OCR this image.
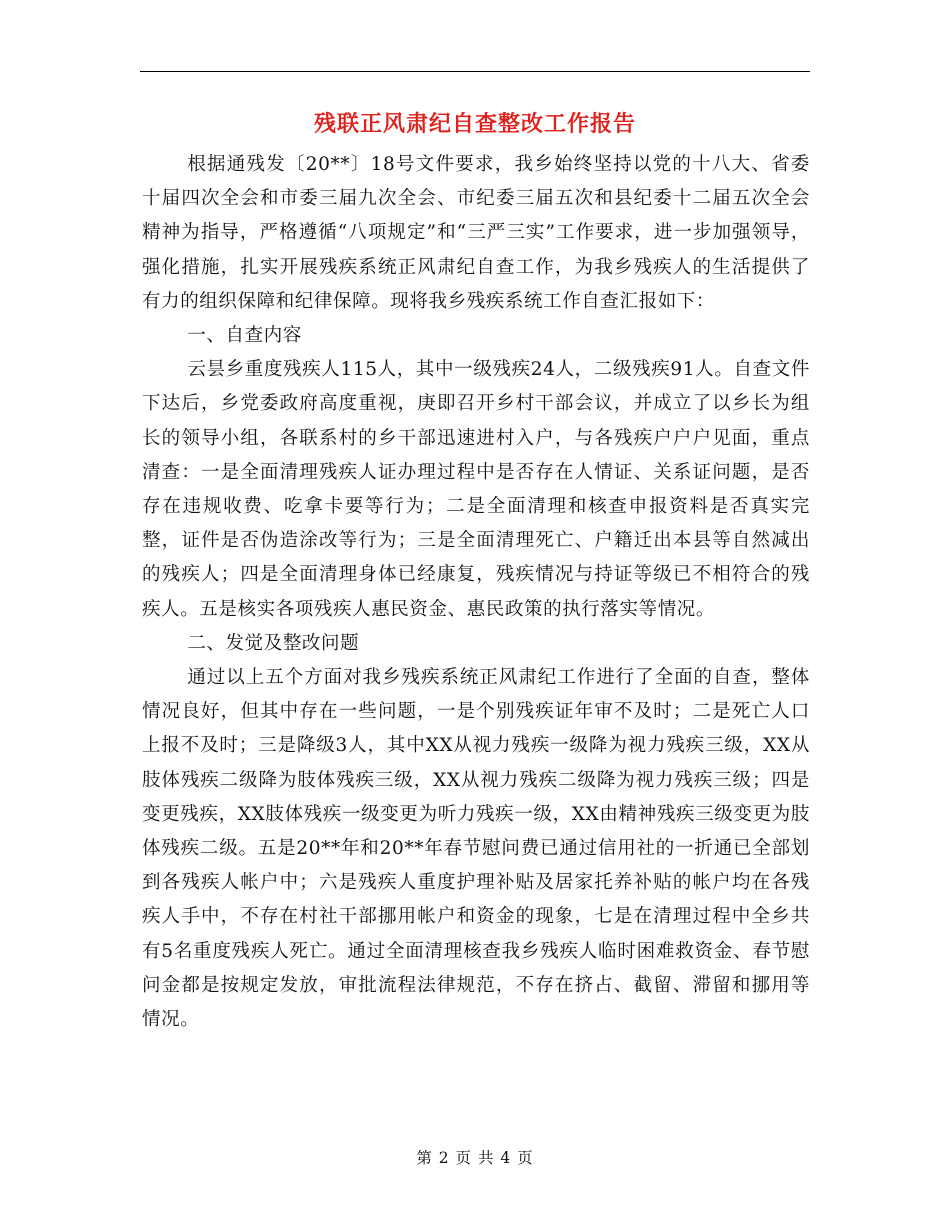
残联正风肃纪自查整改工作报告

根据通残发〔20**〕18号文件要求，我乡始终坚持以党的十八大、省委十届四次全会和市委三届九次全会、市纪委三届五次和县纪委十二届五次全会精神为指导，严格遵循“八项规定”和“三严三实”工作要求，进一步加强领导，强化措施，扎实开展残疾系统正风肃纪自查工作，为我乡残疾人的生活提供了有力的组织保障和纪律保障。现将我乡残疾系统工作自查汇报如下：

一、自查内容

云昙乡重度残疾人115人，其中一级残疾24人，二级残疾91人。自查文件下达后，乡党委政府高度重视，庚即召开乡村干部会议，并成立了以乡长为组长的领导小组，各联系村的乡干部迅速进村入户，与各残疾户户户见面，重点清查：一是全面清理残疾人证办理过程中是否存在人情证、关系证问题，是否存在违规收费、吃拿卡要等行为；二是全面清理和核查申报资料是否真实完整，证件是否伪造涂改等行为；三是全面清理死亡、户籍迁出本县等自然减出的残疾人；四是全面清理身体已经康复，残疾情况与持证等级已不相符合的残疾人。五是核实各项残疾人惠民资金、惠民政策的执行落实等情况。

二、发觉及整改问题

通过以上五个方面对我乡残疾系统正风肃纪工作进行了全面的自查，整体情况良好，但其中存在一些问题，一是个别残疾证年审不及时；二是死亡人口上报不及时；三是降级3人，其中XX从视力残疾一级降为视力残疾三级，XX从肢体残疾二级降为肢体残疾三级，XX从视力残疾二级降为视力残疾三级；四是变更残疾，XX肢体残疾一级变更为听力残疾一级，XX由精神残疾三级变更为肢体残疾二级。五是20**年和20**年春节慰问费已通过信用社的一折通已全部划到各残疾人帐户中；六是残疾人重度护理补贴及居家托养补贴的帐户均在各残疾人手中，不存在村社干部挪用帐户和资金的现象，七是在清理过程中全乡共有5名重度残疾人死亡。通过全面清理核查我乡残疾人临时困难救资金、春节慰问金都是按规定发放，审批流程法律规范，不存在挤占、截留、滞留和挪用等情况。

第 2 页 共 4 页
